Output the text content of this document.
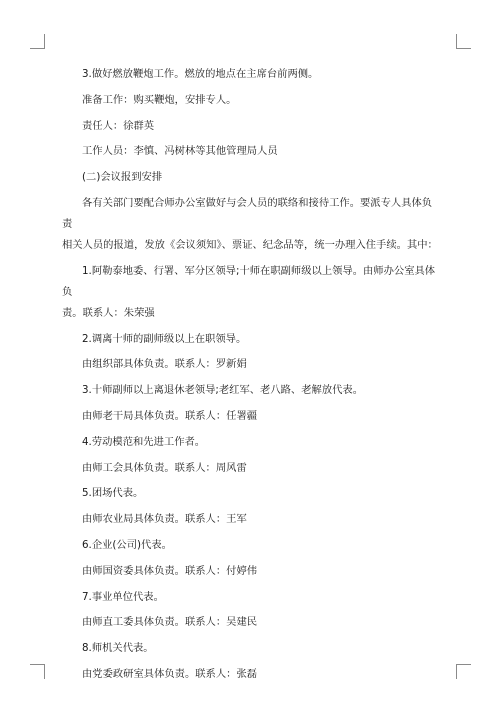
3.做好燃放鞭炮工作。燃放的地点在主席台前两侧。
准备工作：购买鞭炮，安排专人。
责任人：徐群英
工作人员：李慎、冯树林等其他管理局人员
(二)会议报到安排
各有关部门要配合师办公室做好与会人员的联络和接待工作。要派专人具体负责
相关人员的报道，发放《会议须知》、票证、纪念品等，统一办理入住手续。其中：
1.阿勒泰地委、行署、军分区领导;十师在职副师级以上领导。由师办公室具体负
责。联系人：朱荣强
2.调离十师的副师级以上在职领导。
由组织部具体负责。联系人：罗新娟
3.十师副师以上离退休老领导;老红军、老八路、老解放代表。
由师老干局具体负责。联系人：任署疆
4.劳动模范和先进工作者。
由师工会具体负责。联系人：周风雷
5.团场代表。
由师农业局具体负责。联系人：王军
6.企业(公司)代表。
由师国资委具体负责。联系人：付婷伟
7.事业单位代表。
由师直工委具体负责。联系人：吴建民
8.师机关代表。
由党委政研室具体负责。联系人：张磊
